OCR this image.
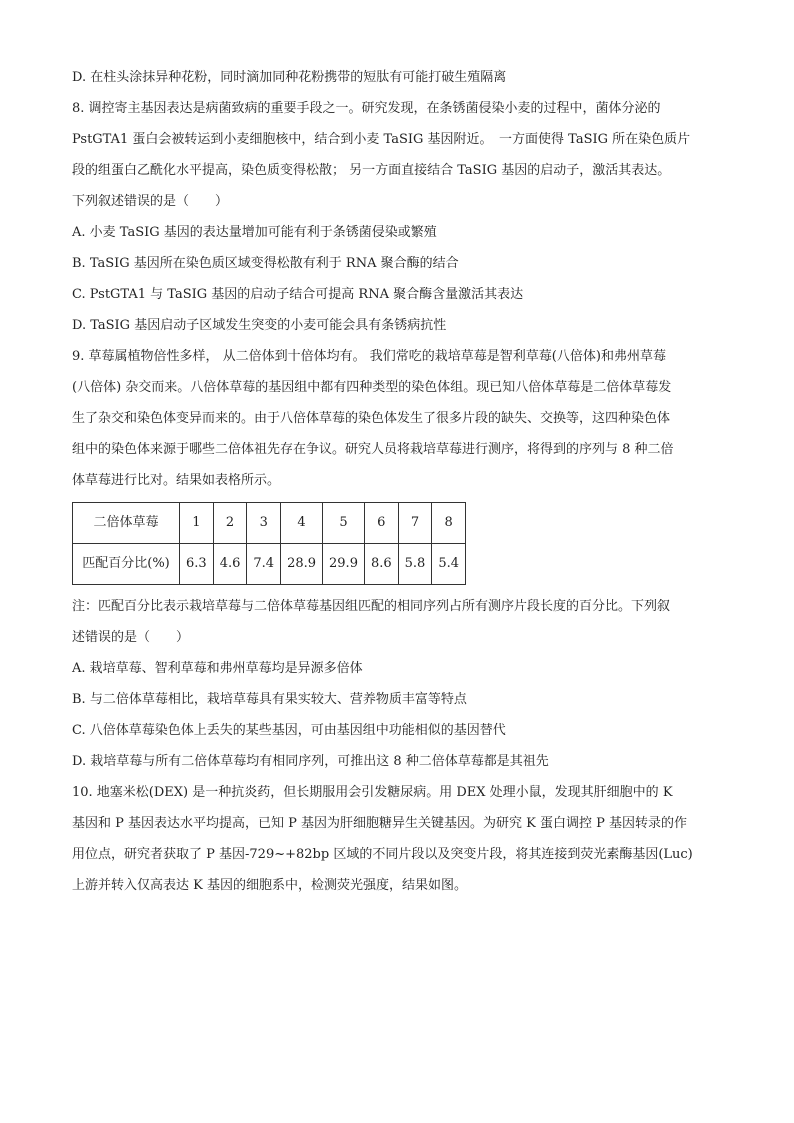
D. 在柱头涂抹异种花粉，同时滴加同种花粉携带的短肽有可能打破生殖隔离
8. 调控寄主基因表达是病菌致病的重要手段之一。研究发现，在条锈菌侵染小麦的过程中，菌体分泌的
PstGTA1 蛋白会被转运到小麦细胞核中，结合到小麦 TaSIG 基因附近。　一方面使得 TaSIG 所在染色质片
段的组蛋白乙酰化水平提高，染色质变得松散； 另一方面直接结合 TaSIG 基因的启动子，激活其表达。
下列叙述错误的是（　　）
A. 小麦 TaSIG 基因的表达量增加可能有利于条锈菌侵染或繁殖
B. TaSIG 基因所在染色质区域变得松散有利于 RNA 聚合酶的结合
C. PstGTA1 与 TaSIG 基因的启动子结合可提高 RNA 聚合酶含量激活其表达
D. TaSIG 基因启动子区域发生突变的小麦可能会具有条锈病抗性
9. 草莓属植物倍性多样， 从二倍体到十倍体均有。 我们常吃的栽培草莓是智利草莓(八倍体)和弗州草莓
(八倍体) 杂交而来。八倍体草莓的基因组中都有四种类型的染色体组。现已知八倍体草莓是二倍体草莓发
生了杂交和染色体变异而来的。由于八倍体草莓的染色体发生了很多片段的缺失、交换等，这四种染色体
组中的染色体来源于哪些二倍体祖先存在争议。研究人员将栽培草莓进行测序，将得到的序列与 8 种二倍
体草莓进行比对。结果如表格所示。
二倍体草莓	1	2	3	4	5	6	7	8
匹配百分比(%)	6.3	4.6	7.4	28.9	29.9	8.6	5.8	5.4
注：匹配百分比表示栽培草莓与二倍体草莓基因组匹配的相同序列占所有测序片段长度的百分比。下列叙
述错误的是（　　）
A. 栽培草莓、智利草莓和弗州草莓均是异源多倍体
B. 与二倍体草莓相比，栽培草莓具有果实较大、营养物质丰富等特点
C. 八倍体草莓染色体上丢失的某些基因，可由基因组中功能相似的基因替代
D. 栽培草莓与所有二倍体草莓均有相同序列，可推出这 8 种二倍体草莓都是其祖先
10. 地塞米松(DEX) 是一种抗炎药，但长期服用会引发糖尿病。用 DEX 处理小鼠，发现其肝细胞中的 K
基因和 P 基因表达水平均提高，已知 P 基因为肝细胞糖异生关键基因。为研究 K 蛋白调控 P 基因转录的作
用位点，研究者获取了 P 基因-729~+82bp 区域的不同片段以及突变片段，将其连接到荧光素酶基因(Luc)
上游并转入仅高表达 K 基因的细胞系中，检测荧光强度，结果如图。
